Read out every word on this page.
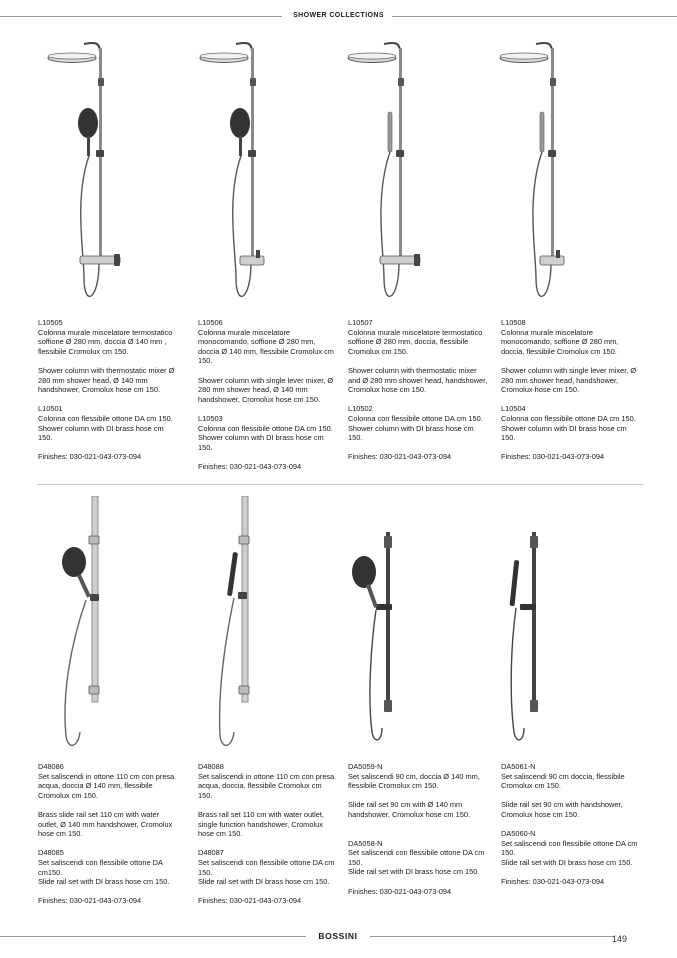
SHOWER COLLECTIONS
L10505

Colonna murale miscelatore termostatico soffione Ø 280 mm, doccia Ø 140 mm , flessibile Cromolux cm 150.

Shower column with thermostatic mixer Ø 280 mm shower head, Ø 140 mm handshower, Cromolux hose cm 150.

L10501

Colonna con flessibile ottone DA cm 150.

Shower column with DI brass hose cm 150.

Finishes: 030-021-043-073-094

L10506

Colonna murale miscelatore monocomando, soffione Ø 280 mm, doccia Ø 140 mm, flessibile Cromolux cm 150.

Shower column with single lever mixer, Ø 280 mm shower head, Ø 140 mm handshower, Cromolux hose cm 150.

L10503

Colonna con flessibile ottone DA cm 150.

Shower column with DI brass hose cm 150.

Finishes: 030-021-043-073-094

L10507

Colonna murale miscelatore termostatico soffione Ø 280 mm, doccia, flessibile Cromolux cm 150.

Shower column with thermostatic mixer and Ø 280 mm shower head, handshower, Cromolux hose cm 150.

L10502

Colonna con flessibile ottone DA cm 150.

Shower column with DI brass hose cm 150.

Finishes: 030-021-043-073-094

L10508

Colonna murale miscelatore monocomando, soffione Ø 280 mm, doccia, flessibile Cromolux cm 150.

Shower column with single lever mixer, Ø 280 mm shower head, handshower, Cromolux hose cm 150.

L10504

Colonna con flessibile ottone DA cm 150.

Shower column with DI brass hose cm 150.

Finishes: 030-021-043-073-094

D48086

Set saliscendi in ottone 110 cm con presa acqua, doccia Ø 140 mm, flessibile Cromolux cm 150.

Brass slide rail set 110 cm with water outlet, Ø 140 mm handshower, Cromolux hose cm 150.

D48085

Set saliscendi con flessibile ottone DA cm150.

Slide rail set with DI brass hose cm 150.

Finishes: 030-021-043-073-094

D48088

Set saliscendi in ottone 110 cm con presa acqua, doccia, flessibile Cromolux cm 150.

Brass rail set 110 cm with water outlet, single function handshower, Cromolux hose cm 150.

D48087

Set saliscendi con flessibile ottone DA cm 150.

Slide rail set with DI brass hose cm 150.

Finishes: 030-021-043-073-094

DA5059-N

Set saliscendi 90 cm, doccia Ø 140 mm, flessibile Cromolux cm 150.

Slide rail set 90 cm with Ø 140 mm handshower, Cromolux hose cm 150.

DA5058-N

Set saliscendi con flessibile ottone DA cm 150.

Slide rail set with DI brass hose cm 150.

Finishes: 030-021-043-073-094

DA5061-N

Set saliscendi 90 cm doccia, flessibile Cromolux cm 150.

Slide rail set 90 cm with handshower, Cromolux hose cm 150.

DA5060-N

Set saliscendi con flessibile ottone DA cm 150.

Slide rail set with DI brass hose cm 150.

Finishes: 030-021-043-073-094

BOSSINI	149
